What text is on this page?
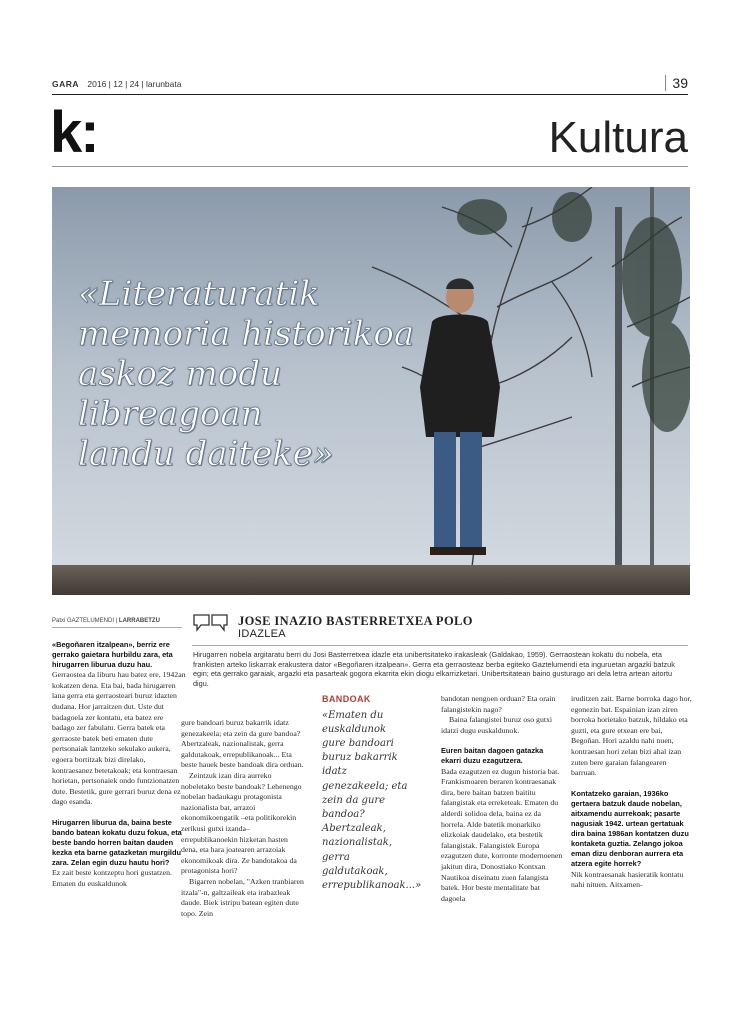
GARA 2016 | 12 | 24 | larunbata	39
k:	Kultura
«Literaturatik
memoria historikoa
askoz modu
libreagoan
landu daiteke»
Patxi GAZTELUMENDI | LARRABETZU	JOSE INAZIO BASTERRETXEA POLO
IDAZLEA
Hirugarren nobela argitaratu berri du Josi Basterretxea idazle eta unibertsitateko irakasleak (Galdakao, 1959). Gerraostean kokatu du nobela, eta frankisten arteko liskarrak erakustera dator «Begoñaren itzalpean». Gerra eta gerraosteaz berba egiteko Gaztelumendi eta inguruetan argazki batzuk egin; eta gerrako garaiak, argazki eta pasarteak gogora ekarrita ekin diogu elkarrizketari. Unibertsitatean baino gusturago ari dela letra artean aitortu digu.

«Begoñaren itzalpean», berriz ere gerrako gaietara hurbildu zara, eta hirugarren liburua duzu hau.

Gerraostea da liburu hau batez ere, 1942an kokatzen dena. Eta bai, bada hirugarren lana gerra eta gerraosteari buruz idazten dudana. Hor jarraitzen dut. Uste dut badagoela zer kontatu, eta batez ere badago zer fabulatu. Gerra batek eta gerraoste batek beti ematen dute pertsonaiak lantzeko sekulako aukera, egoera bortitzak bizi direlako, kontraesanez betetakoak; eta kontraesan horietan, pertsonaiek ondo funtzionatzen dute. Bestetik, gure gerrari buruz dena ez dago esanda.

Hirugarren liburua da, baina beste bando batean kokatu duzu fokua, eta beste bando horren baitan dauden kezka eta barne gatazketan murgildu zara. Zelan egin duzu hautu hori?

Ez zait beste kontzeptu hori gustatzen. Ematen du euskaldunok

gure bandoari buruz bakarrik idatz genezakeela; eta zein da gure bandoa? Abertzaleak, nazionalistak, gerra galdutakoak, errepublikanoak... Eta beste hauek beste bandoak dira orduan.

Zeintzuk izan dira aurreko nobeletako beste bandoak? Lehenengo nobelan badaukagu protagonista nazionalista bat, arrazoi ekonomikoengatik –eta politikorekin zerikusi gutxi izanda– errepublikanoekin hizketan hasten dena, eta hara joatearen arrazoiak ekonomikoak dira. Ze bandotakoa da protagonista hori?

Bigarren nobelan, "Azken tranbiaren itzala"-n, galtzaileak eta irabazleak daude. Biek istripu batean egiten dute topo. Zein

BANDOAK
«Ematen du euskaldunok gure bandoari buruz bakarrik idatz genezakeela; eta zein da gure bandoa? Abertzaleak, nazionalistak, gerra galdutakoak, errepublikanoak...»

bandotan nengoen orduan? Eta orain falangistekin nago?

Baina falangistei buruz oso gutxi idatzi dugu euskaldunok.

Euren baitan dagoen gatazka ekarri duzu ezagutzera.

Bada ezagutzen ez dugun historia bat. Frankismoaren beraren kontraesanak dira, bere baitan batzen baititu falangistak eta erreketeak. Ematen du alderdi solidoa dela, baina ez da horrela. Alde batetik monarkiko elizkoiak daudelako, eta bestetik falangistak. Falangistek Europa ezagutzen dute, korronte modernoenen jakitun dira, Donostiako Kontxan Nautikoa diseinatu zuen falangista batek. Hor beste mentalitate bat dagoela

iruditzen zait. Barne borroka dago hor, egonezin bat. Espainian izan ziren borroka horietako batzuk, hildako eta guzti, eta gure etxean ere bai, Begoñan. Hori azaldu nahi nuen, kontraesan hori zelan bizi ahal izan zuten bere garaian falangearen barruan.

Kontatzeko garaian, 1936ko gertaera batzuk daude nobelan, aitxamendu aurrekoak; pasarte nagusiak 1942. urtean gertatuak dira baina 1986an kontatzen duzu kontaketa guztia. Zelango jokoa eman dizu denboran aurrera eta atzera egite horrek?

Nik kontraesanak hasieratik kontatu nahi nituen. Aitxamen-
